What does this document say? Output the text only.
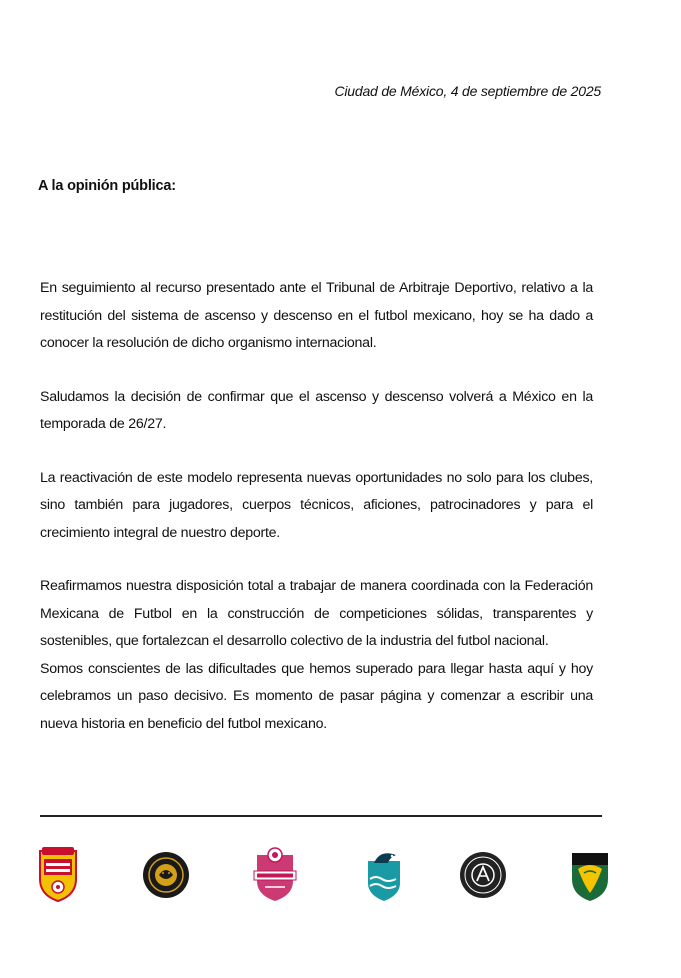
Ciudad de México, 4 de septiembre de 2025
A la opinión pública:

En seguimiento al recurso presentado ante el Tribunal de Arbitraje Deportivo, relativo a la restitución del sistema de ascenso y descenso en el futbol mexicano, hoy se ha dado a conocer la resolución de dicho organismo internacional.

Saludamos la decisión de confirmar que el ascenso y descenso volverá a México en la temporada de 26/27.

La reactivación de este modelo representa nuevas oportunidades no solo para los clubes, sino también para jugadores, cuerpos técnicos, aficiones, patrocinadores y para el crecimiento integral de nuestro deporte.

Reafirmamos nuestra disposición total a trabajar de manera coordinada con la Federación Mexicana de Futbol en la construcción de competiciones sólidas, transparentes y sostenibles, que fortalezcan el desarrollo colectivo de la industria del futbol nacional.

Somos conscientes de las dificultades que hemos superado para llegar hasta aquí y hoy celebramos un paso decisivo. Es momento de pasar página y comenzar a escribir una nueva historia en beneficio del futbol mexicano.
